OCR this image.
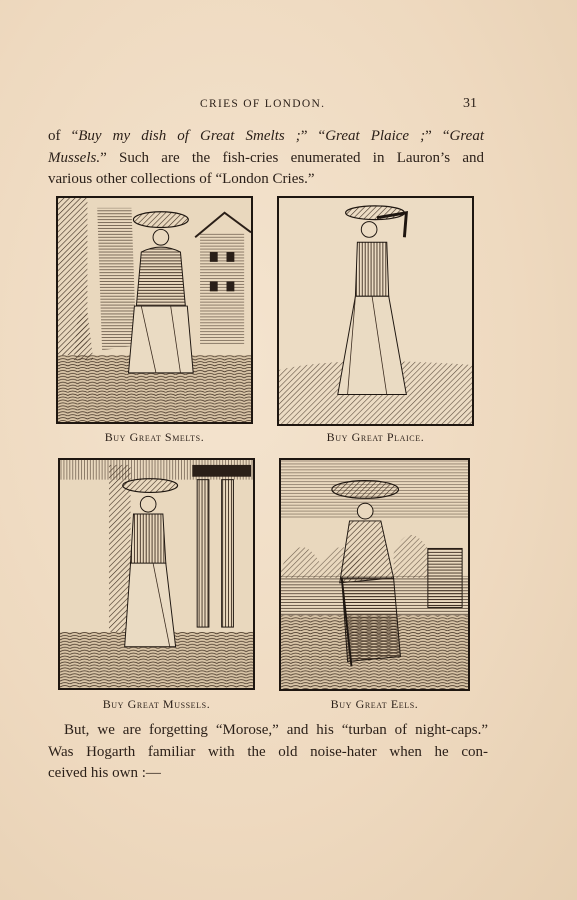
CRIES OF LONDON.	31
of “Buy my dish of Great Smelts ;” “Great Plaice ;” “Great
Mussels.” Such are the fish-cries enumerated in Lauron’s and
various other collections of “London Cries.”
Buy Great Smelts.	Buy Great Plaice.
Buy Great Mussels.	Buy Great Eels.
But, we are forgetting “Morose,” and his “turban of night-caps.”
Was Hogarth familiar with the old noise-hater when he con-
ceived his own :—
